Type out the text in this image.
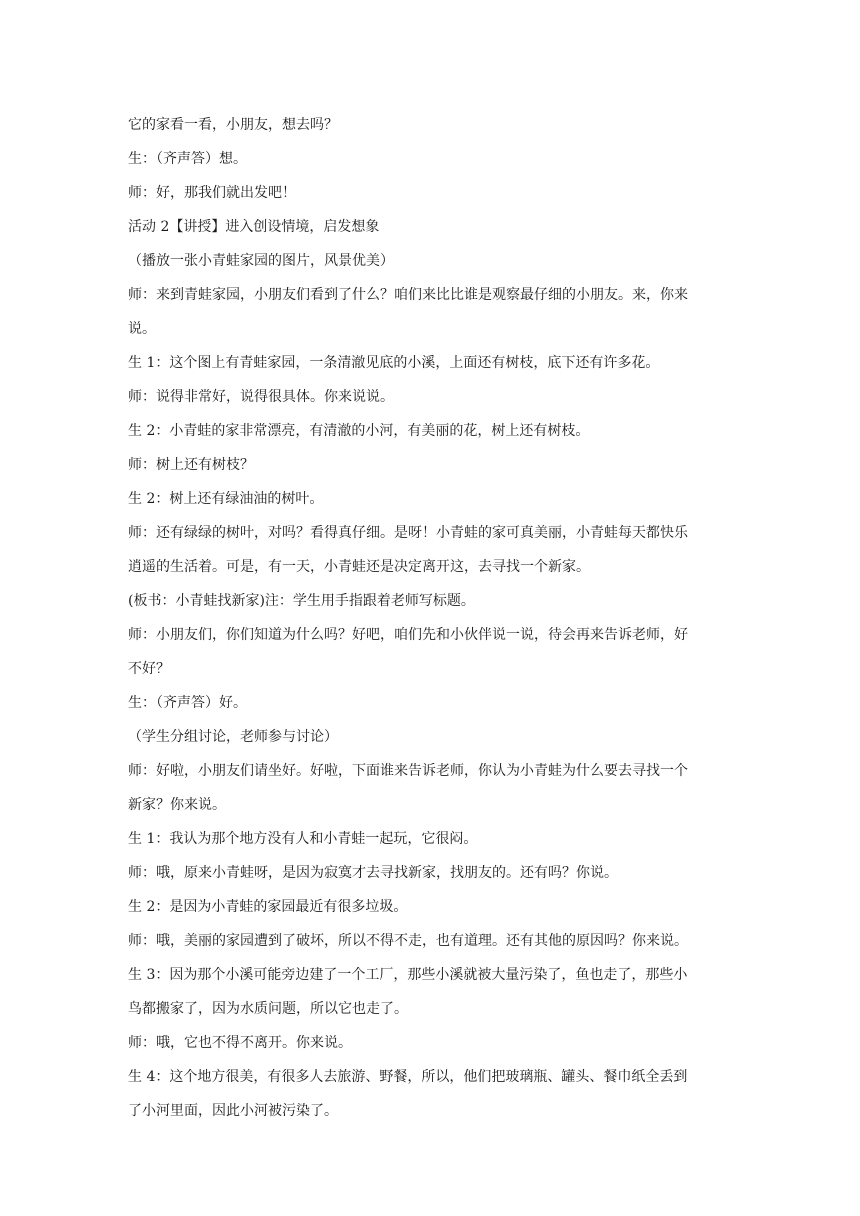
它的家看一看，小朋友，想去吗？

生：（齐声答）想。

师：好，那我们就出发吧！

活动 2【讲授】进入创设情境，启发想象

（播放一张小青蛙家园的图片，风景优美）

师：来到青蛙家园，小朋友们看到了什么？咱们来比比谁是观察最仔细的小朋友。来，你来

说。

生 1：这个图上有青蛙家园，一条清澈见底的小溪，上面还有树枝，底下还有许多花。

师：说得非常好，说得很具体。你来说说。

生 2：小青蛙的家非常漂亮，有清澈的小河，有美丽的花，树上还有树枝。

师：树上还有树枝？

生 2：树上还有绿油油的树叶。

师：还有绿绿的树叶，对吗？看得真仔细。是呀！小青蛙的家可真美丽，小青蛙每天都快乐

逍遥的生活着。可是，有一天，小青蛙还是决定离开这，去寻找一个新家。

(板书：小青蛙找新家)注：学生用手指跟着老师写标题。

师：小朋友们，你们知道为什么吗？好吧，咱们先和小伙伴说一说，待会再来告诉老师，好

不好？

生：（齐声答）好。

（学生分组讨论，老师参与讨论）

师：好啦，小朋友们请坐好。好啦，下面谁来告诉老师，你认为小青蛙为什么要去寻找一个

新家？你来说。

生 1：我认为那个地方没有人和小青蛙一起玩，它很闷。

师：哦，原来小青蛙呀，是因为寂寞才去寻找新家，找朋友的。还有吗？你说。

生 2：是因为小青蛙的家园最近有很多垃圾。

师：哦，美丽的家园遭到了破坏，所以不得不走，也有道理。还有其他的原因吗？你来说。

生 3：因为那个小溪可能旁边建了一个工厂，那些小溪就被大量污染了，鱼也走了，那些小

鸟都搬家了，因为水质问题，所以它也走了。

师：哦，它也不得不离开。你来说。

生 4：这个地方很美，有很多人去旅游、野餐，所以，他们把玻璃瓶、罐头、餐巾纸全丢到

了小河里面，因此小河被污染了。
